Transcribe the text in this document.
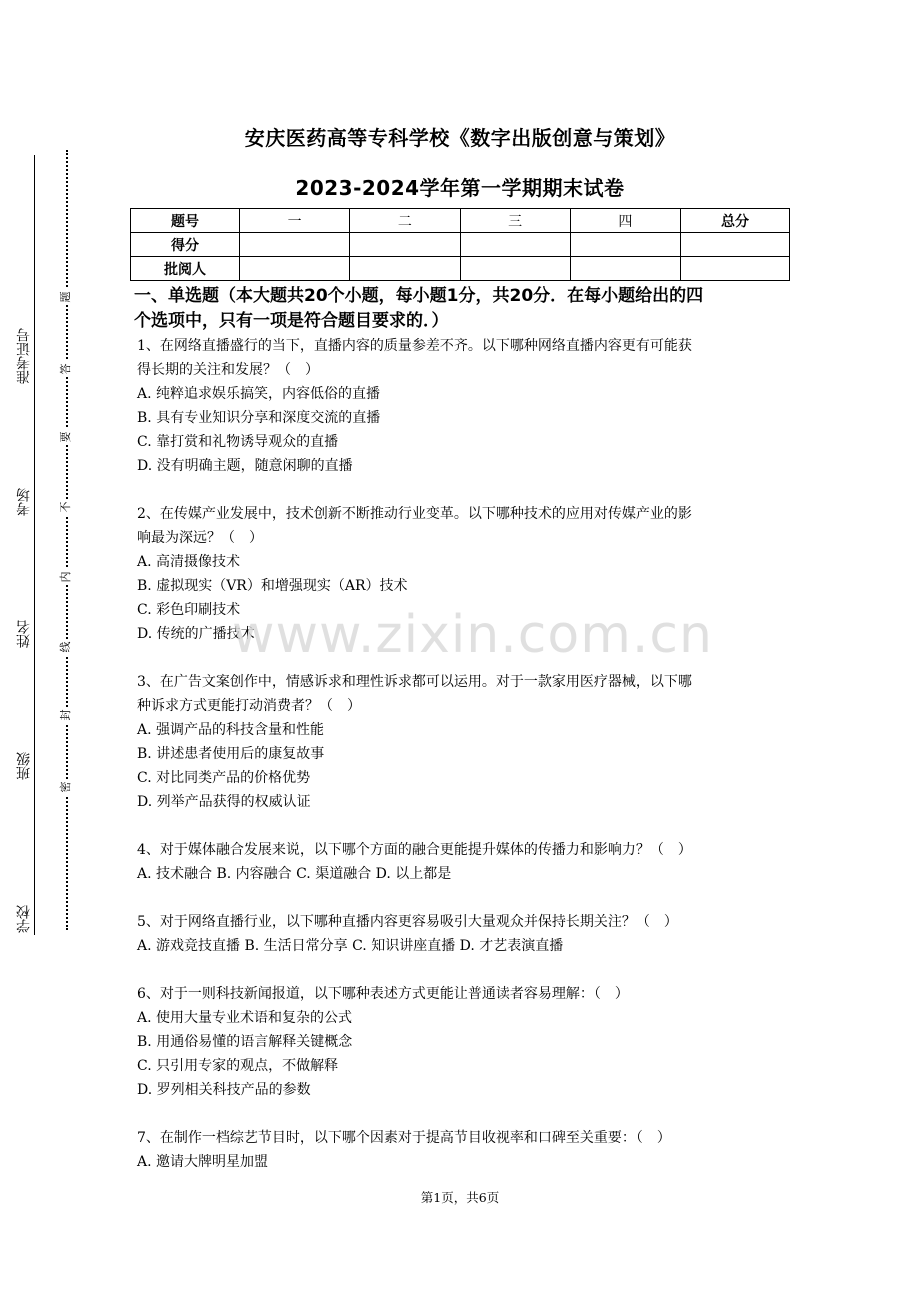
准考证号
考场
姓名
班级
学校
题
答
要
不
内
线
封
密
安庆医药高等专科学校《数字出版创意与策划》
2023-2024学年第一学期期末试卷
题号	一	二	三	四	总分
得分					
批阅人					

一、单选题（本大题共20个小题，每小题1分，共20分．在每小题给出的四

个选项中，只有一项是符合题目要求的．）

1、在网络直播盛行的当下，直播内容的质量参差不齐。以下哪种网络直播内容更有可能获

得长期的关注和发展？（　）

A. 纯粹追求娱乐搞笑，内容低俗的直播

B. 具有专业知识分享和深度交流的直播

C. 靠打赏和礼物诱导观众的直播

D. 没有明确主题，随意闲聊的直播

2、在传媒产业发展中，技术创新不断推动行业变革。以下哪种技术的应用对传媒产业的影

响最为深远？（　）

A. 高清摄像技术

B. 虚拟现实（VR）和增强现实（AR）技术

C. 彩色印刷技术

D. 传统的广播技术

3、在广告文案创作中，情感诉求和理性诉求都可以运用。对于一款家用医疗器械，以下哪

种诉求方式更能打动消费者？（　）

A. 强调产品的科技含量和性能

B. 讲述患者使用后的康复故事

C. 对比同类产品的价格优势

D. 列举产品获得的权威认证

4、对于媒体融合发展来说，以下哪个方面的融合更能提升媒体的传播力和影响力？（　）

A. 技术融合 B. 内容融合 C. 渠道融合 D. 以上都是

5、对于网络直播行业，以下哪种直播内容更容易吸引大量观众并保持长期关注？（　）

A. 游戏竞技直播 B. 生活日常分享 C. 知识讲座直播 D. 才艺表演直播

6、对于一则科技新闻报道，以下哪种表述方式更能让普通读者容易理解：（　）

A. 使用大量专业术语和复杂的公式

B. 用通俗易懂的语言解释关键概念

C. 只引用专家的观点，不做解释

D. 罗列相关科技产品的参数

7、在制作一档综艺节目时，以下哪个因素对于提高节目收视率和口碑至关重要：（　）

A. 邀请大牌明星加盟

www.zixin.com.cn
第1页，共6页
